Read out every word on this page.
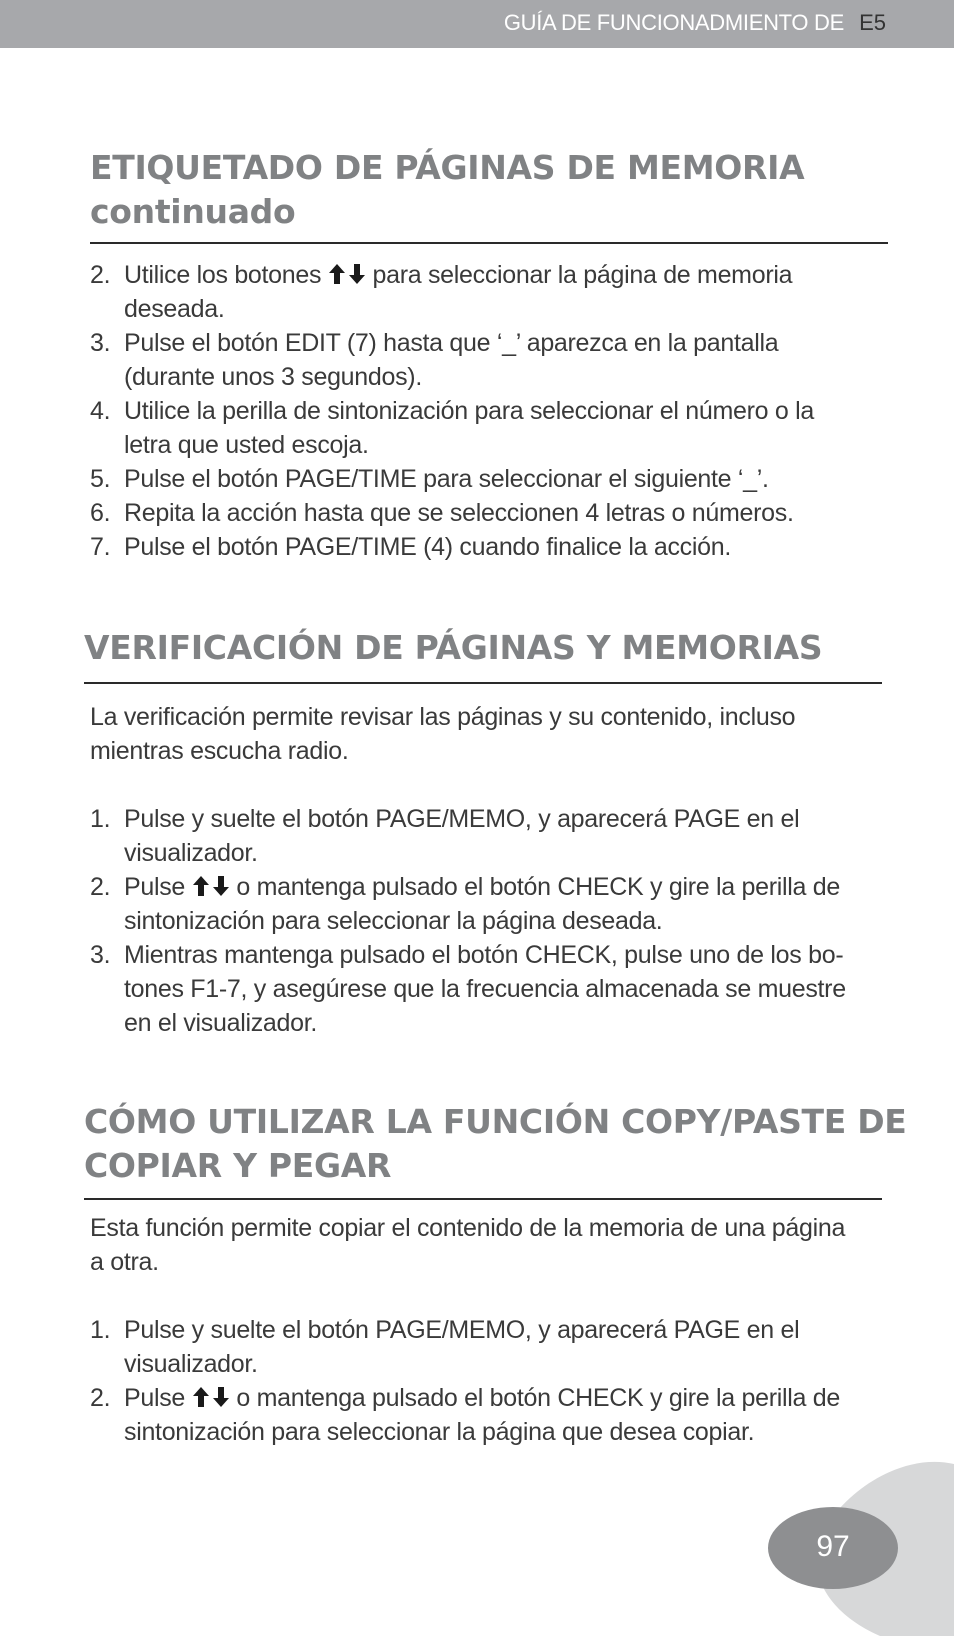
GUÍA DE FUNCIONADMIENTO DE E5
ETIQUETADO DE PÁGINAS DE MEMORIA
continuado
2. Utilice los botones para seleccionar la página de memoria
deseada.
3. Pulse el botón EDIT (7) hasta que ‘_’ aparezca en la pantalla
(durante unos 3 segundos).
4. Utilice la perilla de sintonización para seleccionar el número o la
letra que usted escoja.
5. Pulse el botón PAGE/TIME para seleccionar el siguiente ‘_’.
6. Repita la acción hasta que se seleccionen 4 letras o números.
7. Pulse el botón PAGE/TIME (4) cuando finalice la acción.
VERIFICACIÓN DE PÁGINAS Y MEMORIAS
La verificación permite revisar las páginas y su contenido, incluso
mientras escucha radio.
1. Pulse y suelte el botón PAGE/MEMO, y aparecerá PAGE en el
visualizador.
2. Pulse o mantenga pulsado el botón CHECK y gire la perilla de
sintonización para seleccionar la página deseada.
3. Mientras mantenga pulsado el botón CHECK, pulse uno de los bo-
tones F1-7, y asegúrese que la frecuencia almacenada se muestre
en el visualizador.
CÓMO UTILIZAR LA FUNCIÓN COPY/PASTE DE
COPIAR Y PEGAR
Esta función permite copiar el contenido de la memoria de una página
a otra.
1. Pulse y suelte el botón PAGE/MEMO, y aparecerá PAGE en el
visualizador.
2. Pulse o mantenga pulsado el botón CHECK y gire la perilla de
sintonización para seleccionar la página que desea copiar.
97
